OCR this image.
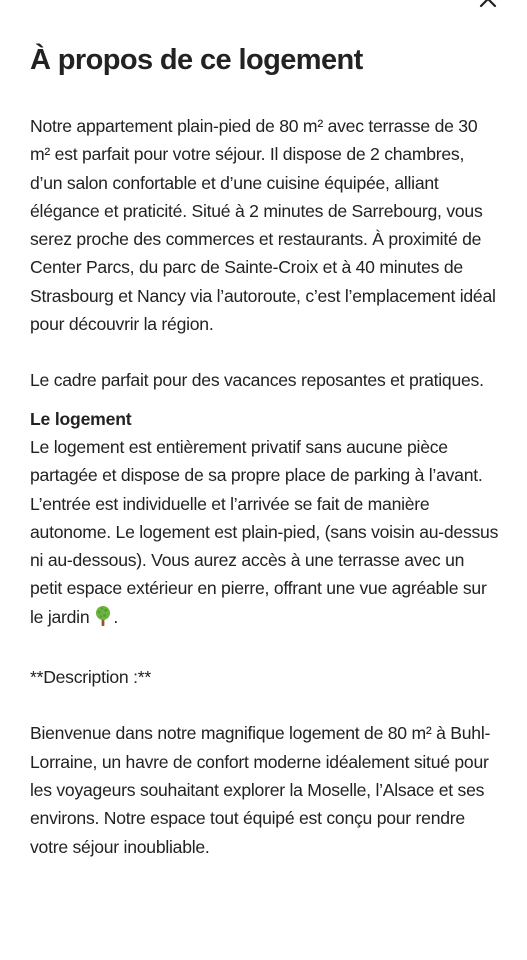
À propos de ce logement

Notre appartement plain-pied de 80 m² avec terrasse de 30 m² est parfait pour votre séjour. Il dispose de 2 chambres, d’un salon confortable et d’une cuisine équipée, alliant élégance et praticité. Situé à 2 minutes de Sarrebourg, vous serez proche des commerces et restaurants. À proximité de Center Parcs, du parc de Sainte-Croix et à 40 minutes de Strasbourg et Nancy via l’autoroute, c’est l’emplacement idéal pour découvrir la région.

Le cadre parfait pour des vacances reposantes et pratiques.

Le logement

Le logement est entièrement privatif sans aucune pièce partagée et dispose de sa propre place de parking à l’avant. L’entrée est individuelle et l’arrivée se fait de manière autonome. Le logement est plain-pied, (sans voisin au-dessus ni au-dessous). Vous aurez accès à une terrasse avec un petit espace extérieur en pierre, offrant une vue agréable sur le jardin .

**Description :**

Bienvenue dans notre magnifique logement de 80 m² à Buhl-Lorraine, un havre de confort moderne idéalement situé pour les voyageurs souhaitant explorer la Moselle, l’Alsace et ses environs. Notre espace tout équipé est conçu pour rendre votre séjour inoubliable.
